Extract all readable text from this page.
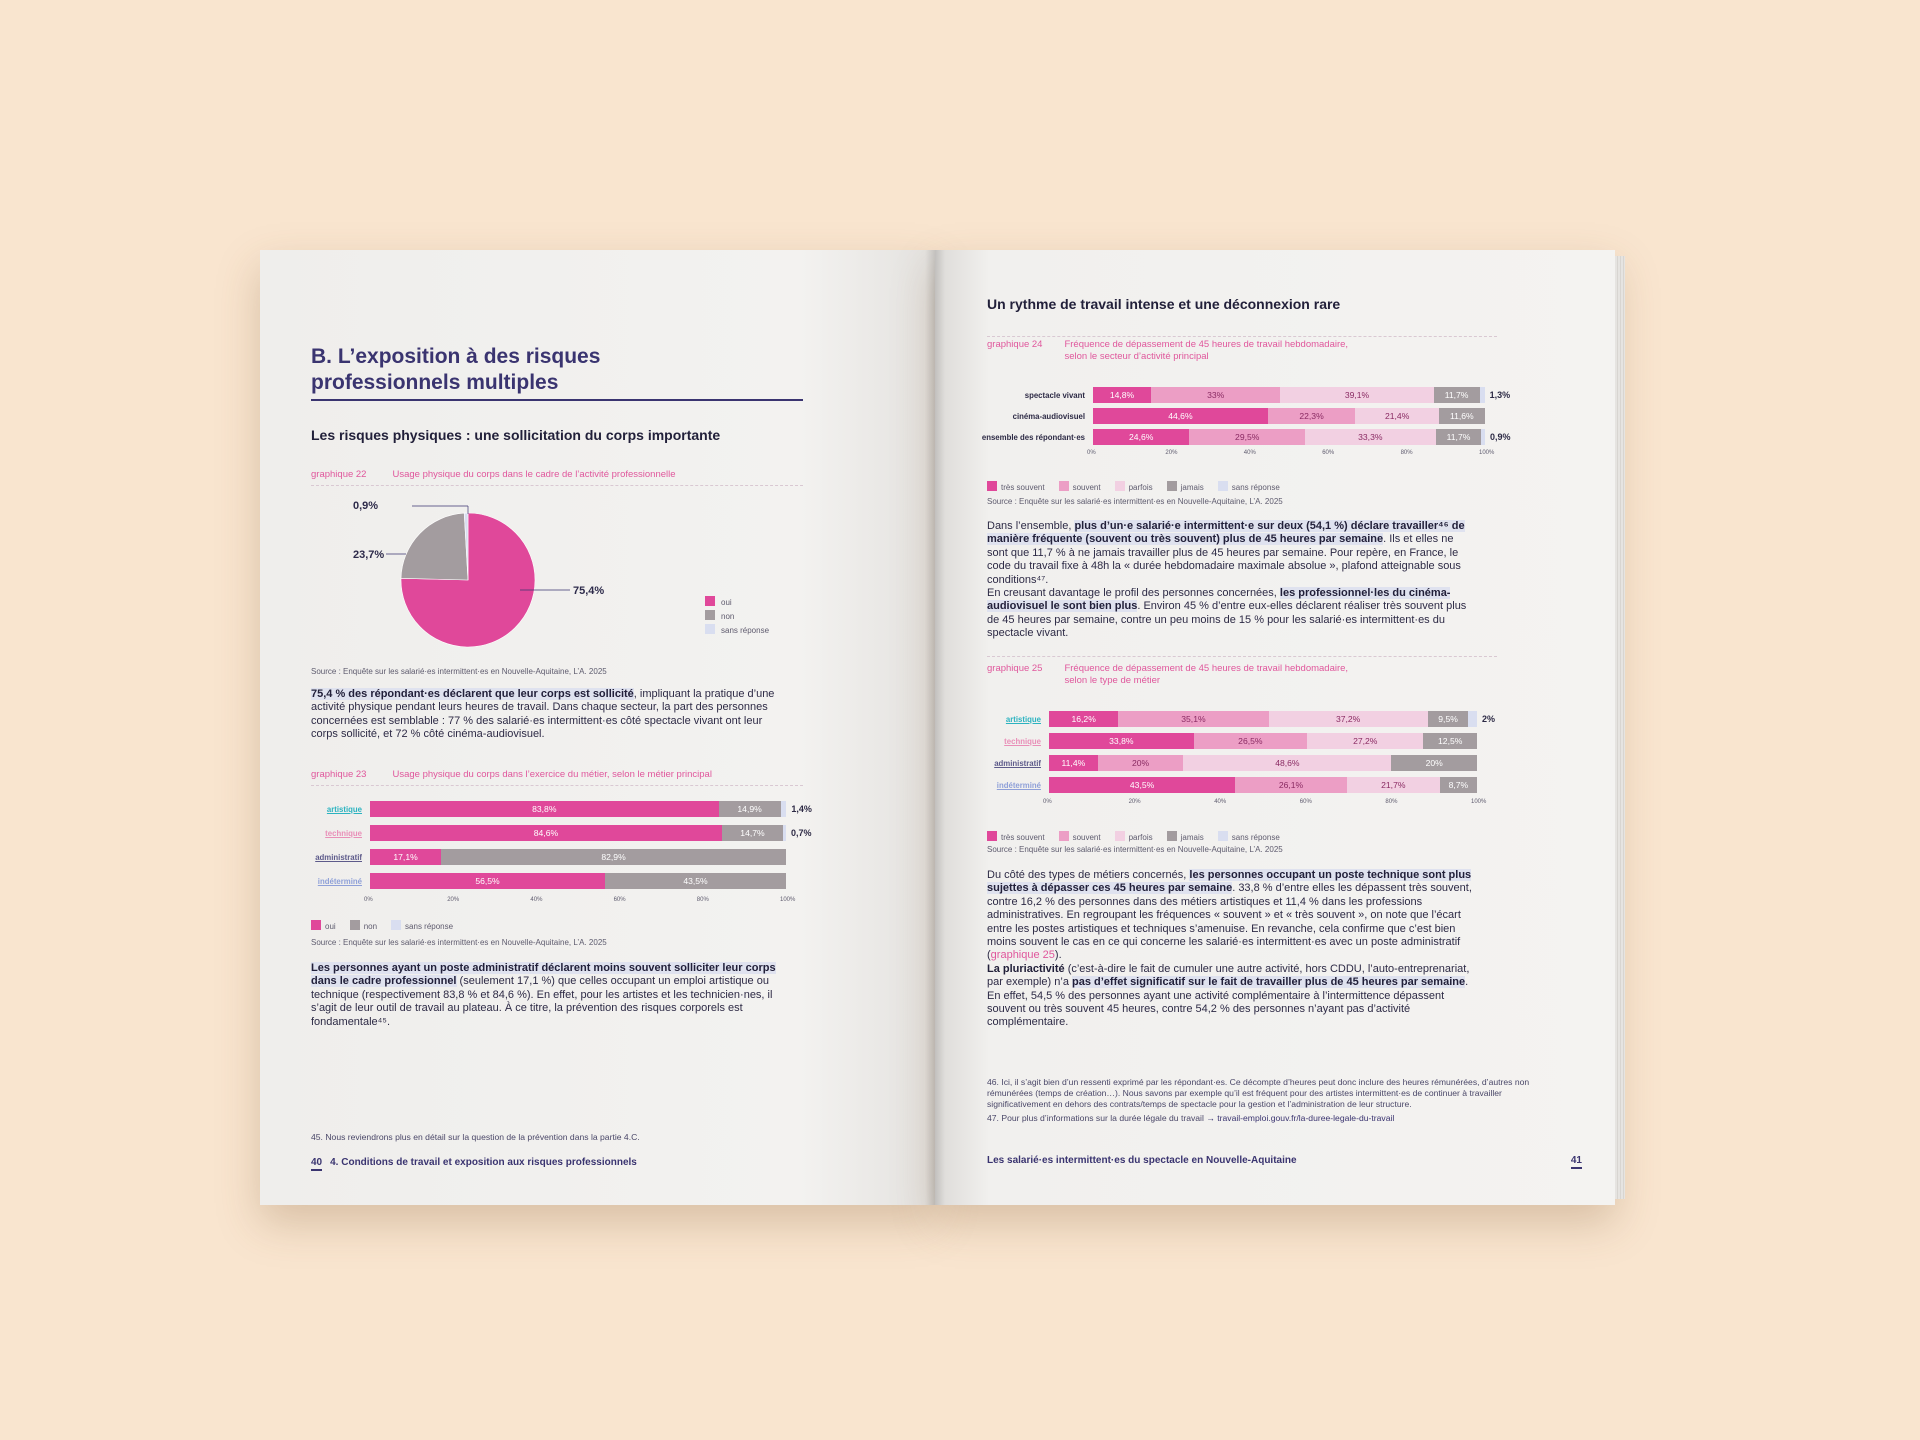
B. L’exposition à des risques
professionnels multiples
Les risques physiques : une sollicitation du corps importante
graphique 22	Usage physique du corps dans le cadre de l’activité professionnelle
0,9%
23,7%
75,4%
oui
non
sans réponse
Source : Enquête sur les salarié·es intermittent·es en Nouvelle-Aquitaine, L’A. 2025
75,4 % des répondant·es déclarent que leur corps est sollicité, impliquant la pratique d’une activité physique pendant leurs heures de travail. Dans chaque secteur, la part des personnes concernées est semblable : 77 % des salarié·es intermittent·es côté spectacle vivant ont leur corps sollicité, et 72 % côté cinéma-audiovisuel.
graphique 23	Usage physique du corps dans l’exercice du métier, selon le métier principal
artistique	83,8%	14,9%	1,4%
technique	84,6%	14,7%	0,7%
administratif	17,1%	82,9%
indéterminé	56,5%	43,5%
0%	20%	40%	60%	80%	100%
oui	non	sans réponse
Source : Enquête sur les salarié·es intermittent·es en Nouvelle-Aquitaine, L’A. 2025
Les personnes ayant un poste administratif déclarent moins souvent solliciter leur corps dans le cadre professionnel (seulement 17,1 %) que celles occupant un emploi artistique ou technique (respectivement 83,8 % et 84,6 %). En effet, pour les artistes et les technicien·nes, il s’agit de leur outil de travail au plateau. À ce titre, la prévention des risques corporels est fondamentale⁴⁵.
45. Nous reviendrons plus en détail sur la question de la prévention dans la partie 4.C.
40 4. Conditions de travail et exposition aux risques professionnels
Un rythme de travail intense et une déconnexion rare
graphique 24 Fréquence de dépassement de 45 heures de travail hebdomadaire,
selon le secteur d’activité principal
spectacle vivant	14,8%	33%	39,1%	11,7%	1,3%
cinéma-audiovisuel	44,6%	22,3%	21,4%	11,6%
ensemble des répondant·es	24,6%	29,5%	33,3%	11,7%	0,9%
0%	20%	40%	60%	80%	100%
très souvent	souvent	parfois	jamais	sans réponse
Source : Enquête sur les salarié·es intermittent·es en Nouvelle-Aquitaine, L’A. 2025
Dans l’ensemble, plus d’un·e salarié·e intermittent·e sur deux (54,1 %) déclare travailler⁴⁶ de manière fréquente (souvent ou très souvent) plus de 45 heures par semaine. Ils et elles ne sont que 11,7 % à ne jamais travailler plus de 45 heures par semaine. Pour repère, en France, le code du travail fixe à 48h la « durée hebdomadaire maximale absolue », plafond atteignable sous conditions⁴⁷.
En creusant davantage le profil des personnes concernées, les professionnel·les du cinéma-audiovisuel le sont bien plus. Environ 45 % d’entre eux-elles déclarent réaliser très souvent plus de 45 heures par semaine, contre un peu moins de 15 % pour les salarié·es intermittent·es du spectacle vivant.
graphique 25 Fréquence de dépassement de 45 heures de travail hebdomadaire,
selon le type de métier
artistique	16,2%	35,1%	37,2%	9,5%	2%
technique	33,8%	26,5%	27,2%	12,5%
administratif	11,4%	20%	48,6%	20%
indéterminé	43,5%	26,1%	21,7%	8,7%
0%	20%	40%	60%	80%	100%
très souvent	souvent	parfois	jamais	sans réponse
Source : Enquête sur les salarié·es intermittent·es en Nouvelle-Aquitaine, L’A. 2025
Du côté des types de métiers concernés, les personnes occupant un poste technique sont plus sujettes à dépasser ces 45 heures par semaine. 33,8 % d’entre elles les dépassent très souvent, contre 16,2 % des personnes dans des métiers artistiques et 11,4 % dans les professions administratives. En regroupant les fréquences « souvent » et « très souvent », on note que l’écart entre les postes artistiques et techniques s’amenuise. En revanche, cela confirme que c’est bien moins souvent le cas en ce qui concerne les salarié·es intermittent·es avec un poste administratif (graphique 25).
La pluriactivité (c’est-à-dire le fait de cumuler une autre activité, hors CDDU, l’auto-entreprenariat, par exemple) n’a pas d’effet significatif sur le fait de travailler plus de 45 heures par semaine. En effet, 54,5 % des personnes ayant une activité complémentaire à l’intermittence dépassent souvent ou très souvent 45 heures, contre 54,2 % des personnes n’ayant pas d’activité complémentaire.
46. Ici, il s’agit bien d’un ressenti exprimé par les répondant·es. Ce décompte d’heures peut donc inclure des heures rémunérées, d’autres non rémunérées (temps de création…). Nous savons par exemple qu’il est fréquent pour des artistes intermittent·es de continuer à travailler significativement en dehors des contrats/temps de spectacle pour la gestion et l’administration de leur structure.
47. Pour plus d’informations sur la durée légale du travail → travail-emploi.gouv.fr/la-duree-legale-du-travail
Les salarié·es intermittent·es du spectacle en Nouvelle-Aquitaine	41
